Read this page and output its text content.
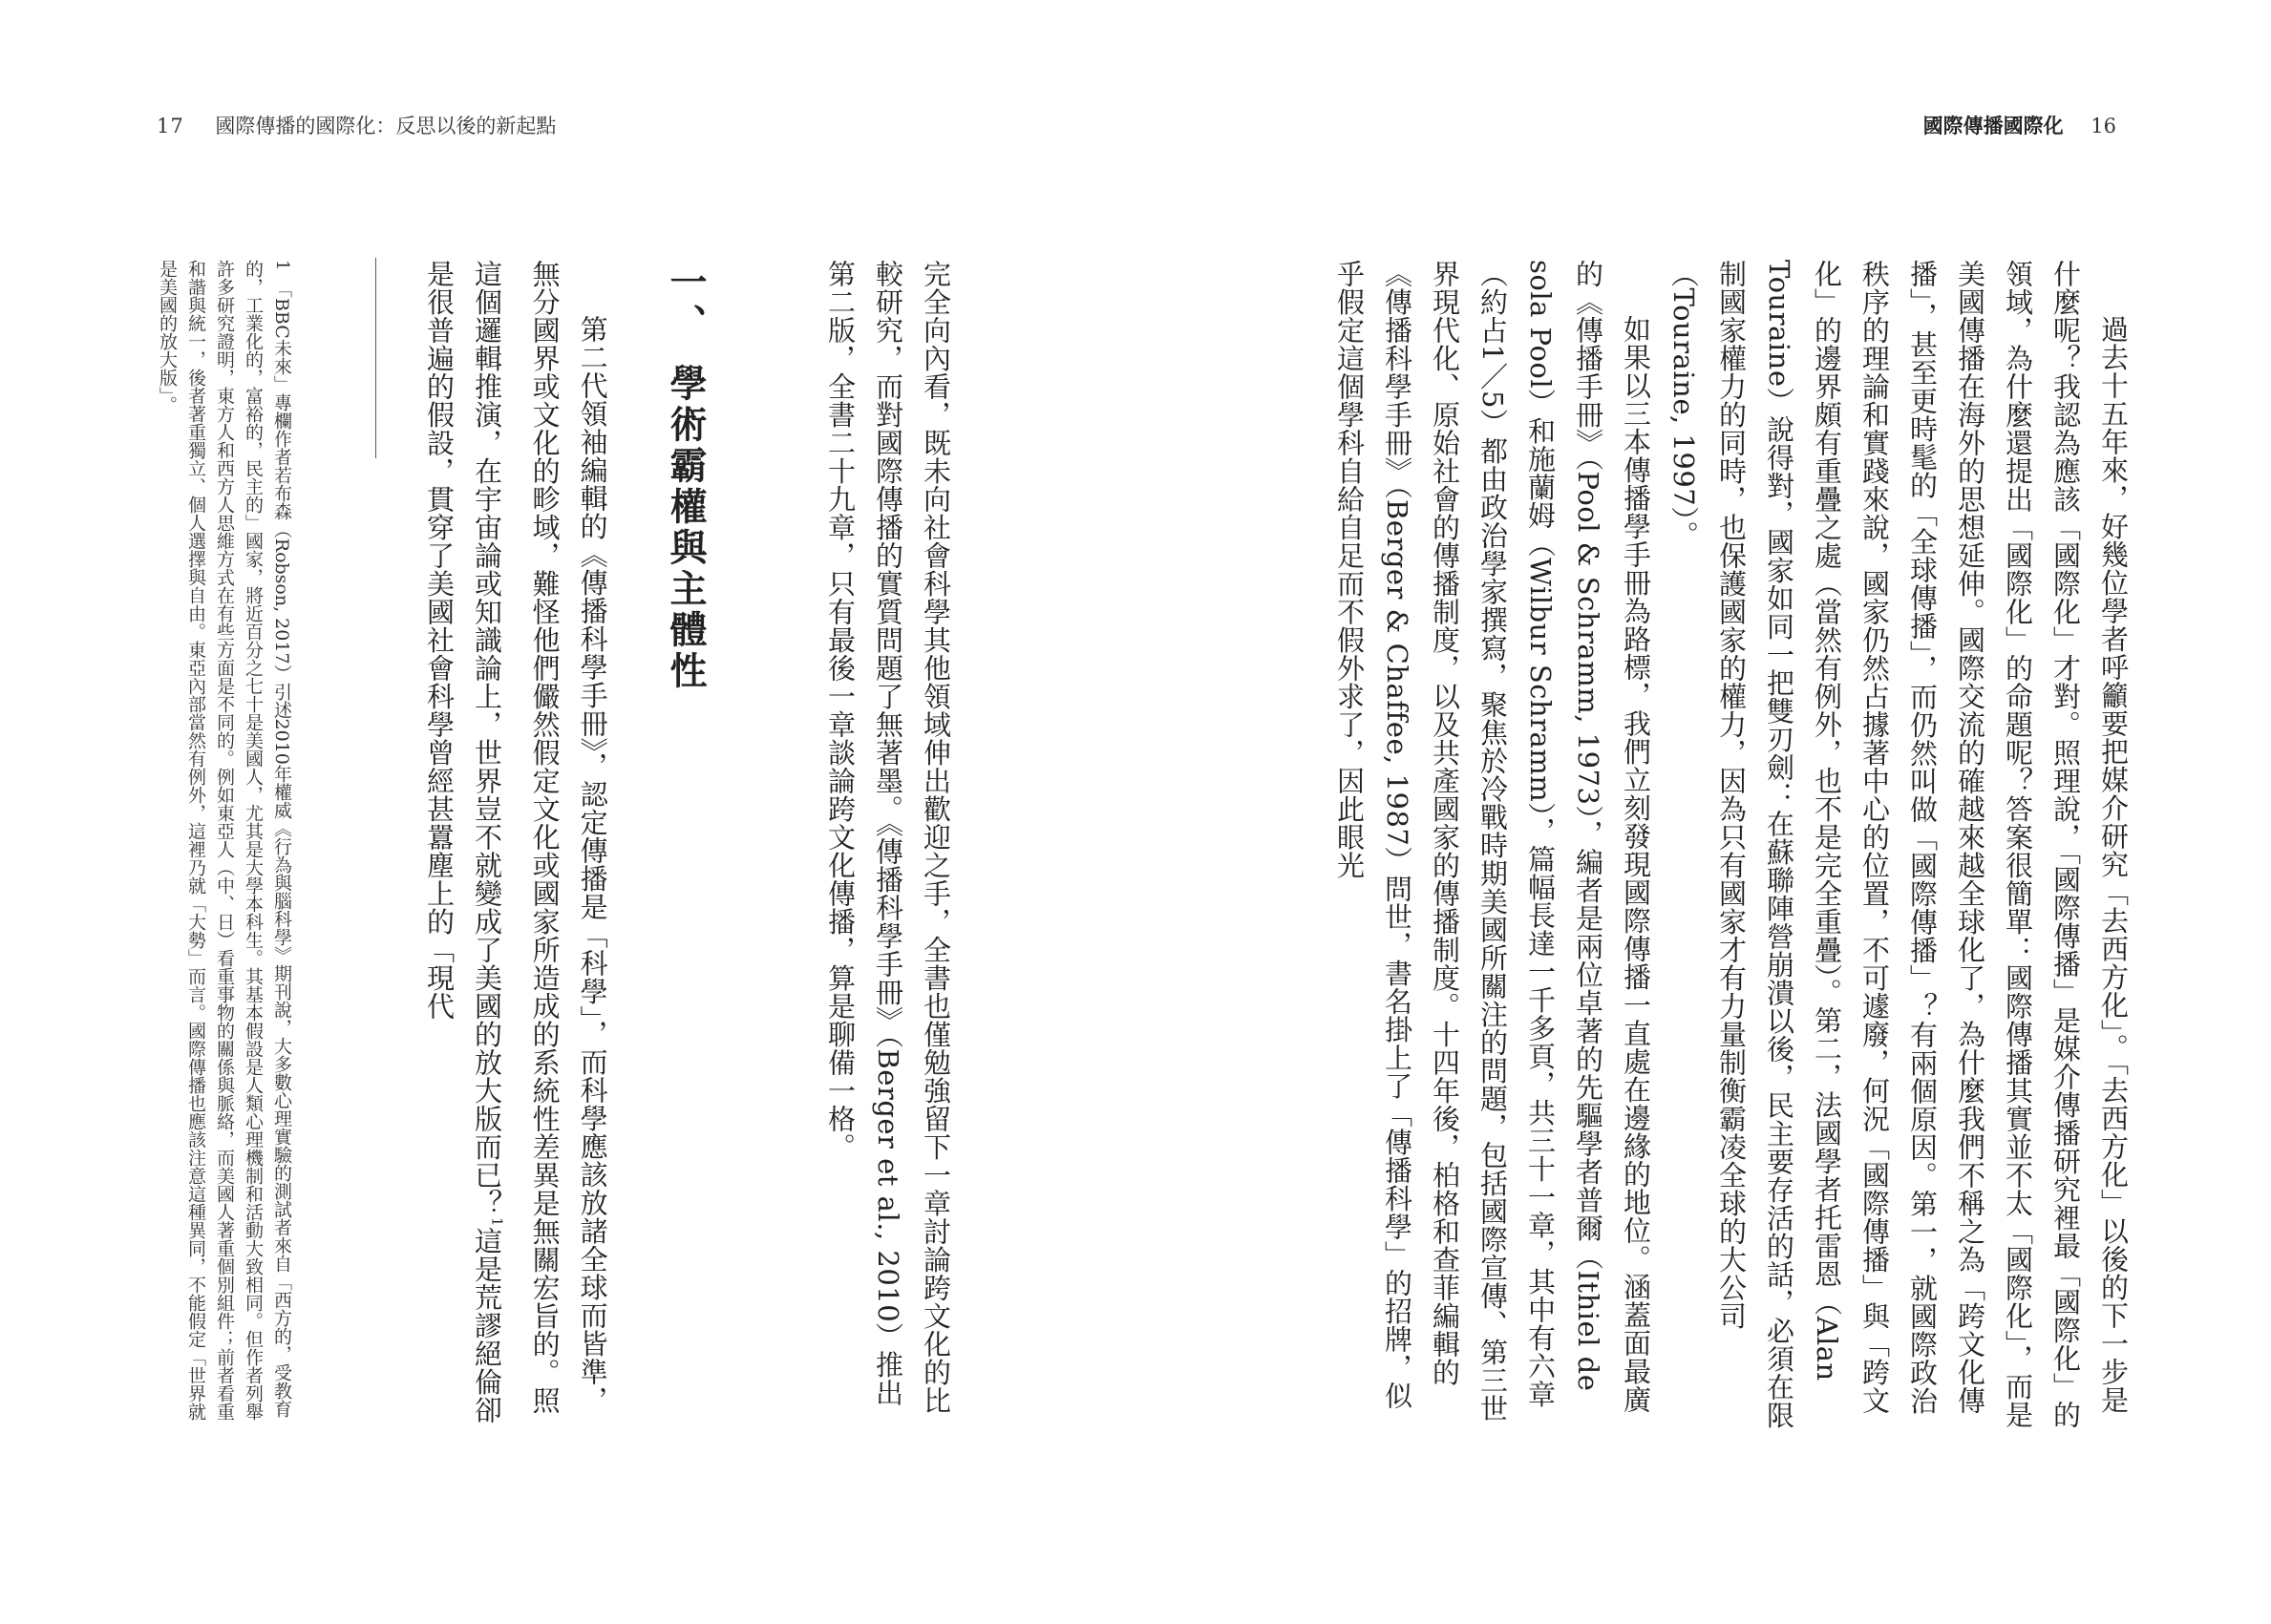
17 國際傳播的國際化：反思以後的新起點	國際傳播國際化 16

過去十五年來，好幾位學者呼籲要把媒介研究「去西方化」。「去西方化」以後的下一步是什麼呢？我認為應該「國際化」才對。照理說，「國際傳播」是媒介傳播研究裡最「國際化」的領域，為什麼還提出「國際化」的命題呢？答案很簡單：國際傳播其實並不太「國際化」，而是美國傳播在海外的思想延伸。國際交流的確越來越全球化了，為什麼我們不稱之為「跨文化傳播」，甚至更時髦的「全球傳播」，而仍然叫做「國際傳播」？有兩個原因。第一，就國際政治秩序的理論和實踐來說，國家仍然占據著中心的位置，不可遽廢，何況「國際傳播」與「跨文化」的邊界頗有重疊之處（當然有例外，也不是完全重疊）。第二，法國學者托雷恩（Alan Touraine）說得對，國家如同一把雙刃劍：在蘇聯陣營崩潰以後，民主要存活的話，必須在限制國家權力的同時，也保護國家的權力，因為只有國家才有力量制衡霸凌全球的大公司（Touraine, 1997）。

如果以三本傳播學手冊為路標，我們立刻發現國際傳播一直處在邊緣的地位。涵蓋面最廣的《傳播手冊》（Pool & Schramm, 1973），編者是兩位卓著的先驅學者普爾（Ithiel de sola Pool）和施蘭姆（Wilbur Schramm），篇幅長達一千多頁，共三十一章，其中有六章（約占1／5）都由政治學家撰寫，聚焦於冷戰時期美國所關注的問題，包括國際宣傳、第三世界現代化、原始社會的傳播制度，以及共產國家的傳播制度。十四年後，柏格和查菲編輯的《傳播科學手冊》（Berger & Chaffee, 1987）問世，書名掛上了「傳播科學」的招牌，似乎假定這個學科自給自足而不假外求了，因此眼光

完全向內看，既未向社會科學其他領域伸出歡迎之手，全書也僅勉強留下一章討論跨文化的比較研究，而對國際傳播的實質問題了無著墨。《傳播科學手冊》（Berger et al., 2010）推出第二版，全書二十九章，只有最後一章談論跨文化傳播，算是聊備一格。

一、學術霸權與主體性

第二代領袖編輯的《傳播科學手冊》，認定傳播是「科學」，而科學應該放諸全球而皆準，無分國界或文化的畛域，難怪他們儼然假定文化或國家所造成的系統性差異是無關宏旨的。照這個邏輯推演，在宇宙論或知識論上，世界豈不就變成了美國的放大版而已？$^1$這是荒謬絕倫卻是很普遍的假設，貫穿了美國社會科學曾經甚囂塵上的「現代

1　「BBC未來」專欄作者若布森（Robson, 2017）引述2010年權威《行為與腦科學》期刊說，大多數心理實驗的測試者來自「西方的，受教育的，工業化的，富裕的，民主的」國家，將近百分之七十是美國人，尤其是大學本科生。其基本假設是人類心理機制和活動大致相同。但作者列舉許多研究證明，東方人和西方人思維方式在有些方面是不同的。例如東亞人（中、日）看重事物的關係與脈絡，而美國人著重個別組件；前者看重和諧與統一，後者著重獨立、個人選擇與自由。東亞內部當然有例外，這裡乃就「大勢」而言。國際傳播也應該注意這種異同，不能假定「世界就是美國的放大版」。
